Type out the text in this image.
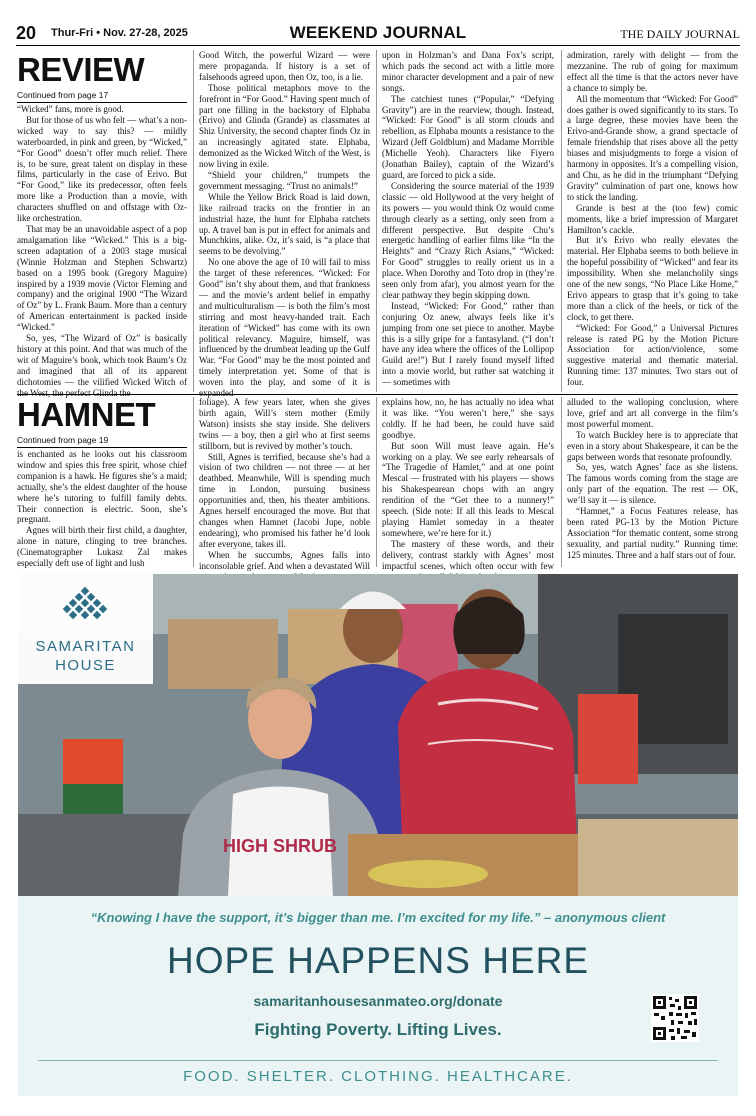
20 Thur-Fri • Nov. 27-28, 2025	WEEKEND JOURNAL	THE DAILY JOURNAL
REVIEW
Continued from page 17

“Wicked” fans, more is good.

But for those of us who felt — what’s a non-wicked way to say this? — mildly waterboarded, in pink and green, by “Wicked,” “For Good” doesn’t offer much relief. There is, to be sure, great talent on display in these films, particularly in the case of Erivo. But “For Good,” like its predecessor, often feels more like a Production than a movie, with characters shuffled on and offstage with Oz-like orchestration.

That may be an unavoidable aspect of a pop amalgamation like “Wicked.” This is a big-screen adaptation of a 2003 stage musical (Winnie Holzman and Stephen Schwartz) based on a 1995 book (Gregory Maguire) inspired by a 1939 movie (Victor Fleming and company) and the original 1900 “The Wizard of Oz” by L. Frank Baum. More than a century of American entertainment is packed inside “Wicked.”

So, yes, “The Wizard of Oz” is basically history at this point. And that was much of the wit of Maguire’s book, which took Baum’s Oz and imagined that all of its apparent dichotomies — the vilified Wicked Witch of the West, the perfect Glinda the

Good Witch, the powerful Wizard — were mere propaganda. If history is a set of falsehoods agreed upon, then Oz, too, is a lie.

Those political metaphors move to the forefront in “For Good.” Having spent much of part one filling in the backstory of Elphaba (Erivo) and Glinda (Grande) as classmates at Shiz University, the second chapter finds Oz in an increasingly agitated state. Elphaba, demonized as the Wicked Witch of the West, is now living in exile.

“Shield your children,” trumpets the government messaging. “Trust no animals!”

While the Yellow Brick Road is laid down, like railroad tracks on the frontier in an industrial haze, the hunt for Elphaba ratchets up. A travel ban is put in effect for animals and Munchkins, alike. Oz, it’s said, is “a place that seems to be devolving.”

No one above the age of 10 will fail to miss the target of these references. “Wicked: For Good” isn’t shy about them, and that frankness — and the movie’s ardent belief in empathy and multiculturalism — is both the film’s most stirring and most heavy-handed trait. Each iteration of “Wicked” has come with its own political relevancy. Maguire, himself, was influenced by the drumbeat leading up the Gulf War. “For Good” may be the most pointed and timely interpretation yet. Some of that is woven into the play, and some of it is expanded

upon in Holzman’s and Dana Fox’s script, which pads the second act with a little more minor character development and a pair of new songs.

The catchiest tunes (“Popular,” “Defying Gravity”) are in the rearview, though. Instead, “Wicked: For Good” is all storm clouds and rebellion, as Elphaba mounts a resistance to the Wizard (Jeff Goldblum) and Madame Morrible (Michelle Yeoh). Characters like Fiyero (Jonathan Bailey), captain of the Wizard’s guard, are forced to pick a side.

Considering the source material of the 1939 classic — old Hollywood at the very height of its powers — you would think Oz would come through clearly as a setting, only seen from a different perspective. But despite Chu’s energetic handling of earlier films like “In the Heights” and “Crazy Rich Asians,” “Wicked: For Good” struggles to really orient us in a place. When Dorothy and Toto drop in (they’re seen only from afar), you almost yearn for the clear pathway they begin skipping down.

Instead, “Wicked: For Good,” rather than conjuring Oz anew, always feels like it’s jumping from one set piece to another. Maybe this is a silly gripe for a fantasyland. (“I don’t have any idea where the offices of the Lollipop Guild are!”) But I rarely found myself lifted into a movie world, but rather sat watching it — sometimes with

admiration, rarely with delight — from the mezzanine. The rub of going for maximum effect all the time is that the actors never have a chance to simply be.

All the momentum that “Wicked: For Good” does gather is owed significantly to its stars. To a large degree, these movies have been the Erivo-and-Grande show, a grand spectacle of female friendship that rises above all the petty biases and misjudgments to forge a vision of harmony in opposites. It’s a compelling vision, and Chu, as he did in the triumphant “Defying Gravity” culmination of part one, knows how to stick the landing.

Grande is best at the (too few) comic moments, like a brief impression of Margaret Hamilton’s cackle.

But it’s Erivo who really elevates the material. Her Elphaba seems to both believe in the hopeful possibility of “Wicked” and fear its impossibility. When she melancholily sings one of the new songs, “No Place Like Home,” Erivo appears to grasp that it’s going to take more than a click of the heels, or tick of the clock, to get there.

“Wicked: For Good,” a Universal Pictures release is rated PG by the Motion Picture Association for action/violence, some suggestive material and thematic material. Running time: 137 minutes. Two stars out of four.

HAMNET
Continued from page 19

is enchanted as he looks out his classroom window and spies this free spirit, whose chief companion is a hawk. He figures she’s a maid; actually, she’s the eldest daughter of the house where he’s tutoring to fulfill family debts. Their connection is electric. Soon, she’s pregnant.

Agnes will birth their first child, a daughter, alone in nature, clinging to tree branches. (Cinematographer Lukasz Zal makes especially deft use of light and lush

foliage). A few years later, when she gives birth again, Will’s stern mother (Emily Watson) insists she stay inside. She delivers twins — a boy, then a girl who at first seems stillborn, but is revived by mother’s touch.

Still, Agnes is terrified, because she’s had a vision of two children — not three — at her deathbed. Meanwhile, Will is spending much time in London, pursuing business opportunities and, then, his theater ambitions. Agnes herself encouraged the move. But that changes when Hamnet (Jacobi Jupe, noble endearing), who promised his father he’d look after everyone, takes ill.

When he succumbs, Agnes falls into inconsolable grief. And when a devastated Will

explains how, no, he has actually no idea what it was like. “You weren’t here,” she says coldly. If he had been, he could have said goodbye.

But soon Will must leave again. He’s working on a play. We see early rehearsals of “The Tragedie of Hamlet,” and at one point Mescal — frustrated with his players — shows his Shakespearean chops with an angry rendition of the “Get thee to a nunnery!” speech. (Side note: If all this leads to Mescal playing Hamlet someday in a theater somewhere, we’re here for it.)

The mastery of these words, and their delivery, contrast starkly with Agnes’ most impactful scenes, which often occur with few

alluded to the walloping conclusion, where love, grief and art all converge in the film’s most powerful moment.

To watch Buckley here is to appreciate that even in a story about Shakespeare, it can be the gaps between words that resonate profoundly.

So, yes, watch Agnes’ face as she listens. The famous words coming from the stage are only part of the equation. The rest — OK, we’ll say it — is silence.

“Hamnet,” a Focus Features release, has been rated PG-13 by the Motion Picture Association “for thematic content, some strong sexuality, and partial nudity.” Running time: 125 minutes. Three and a half stars out of four.

HIGH SHRUB
SAMARITAN
HOUSE
“Knowing I have the support, it’s bigger than me. I’m excited for my life.” – anonymous client
HOPE HAPPENS HERE
samaritanhousesanmateo.org/donate
Fighting Poverty. Lifting Lives.
FOOD. SHELTER. CLOTHING. HEALTHCARE.
